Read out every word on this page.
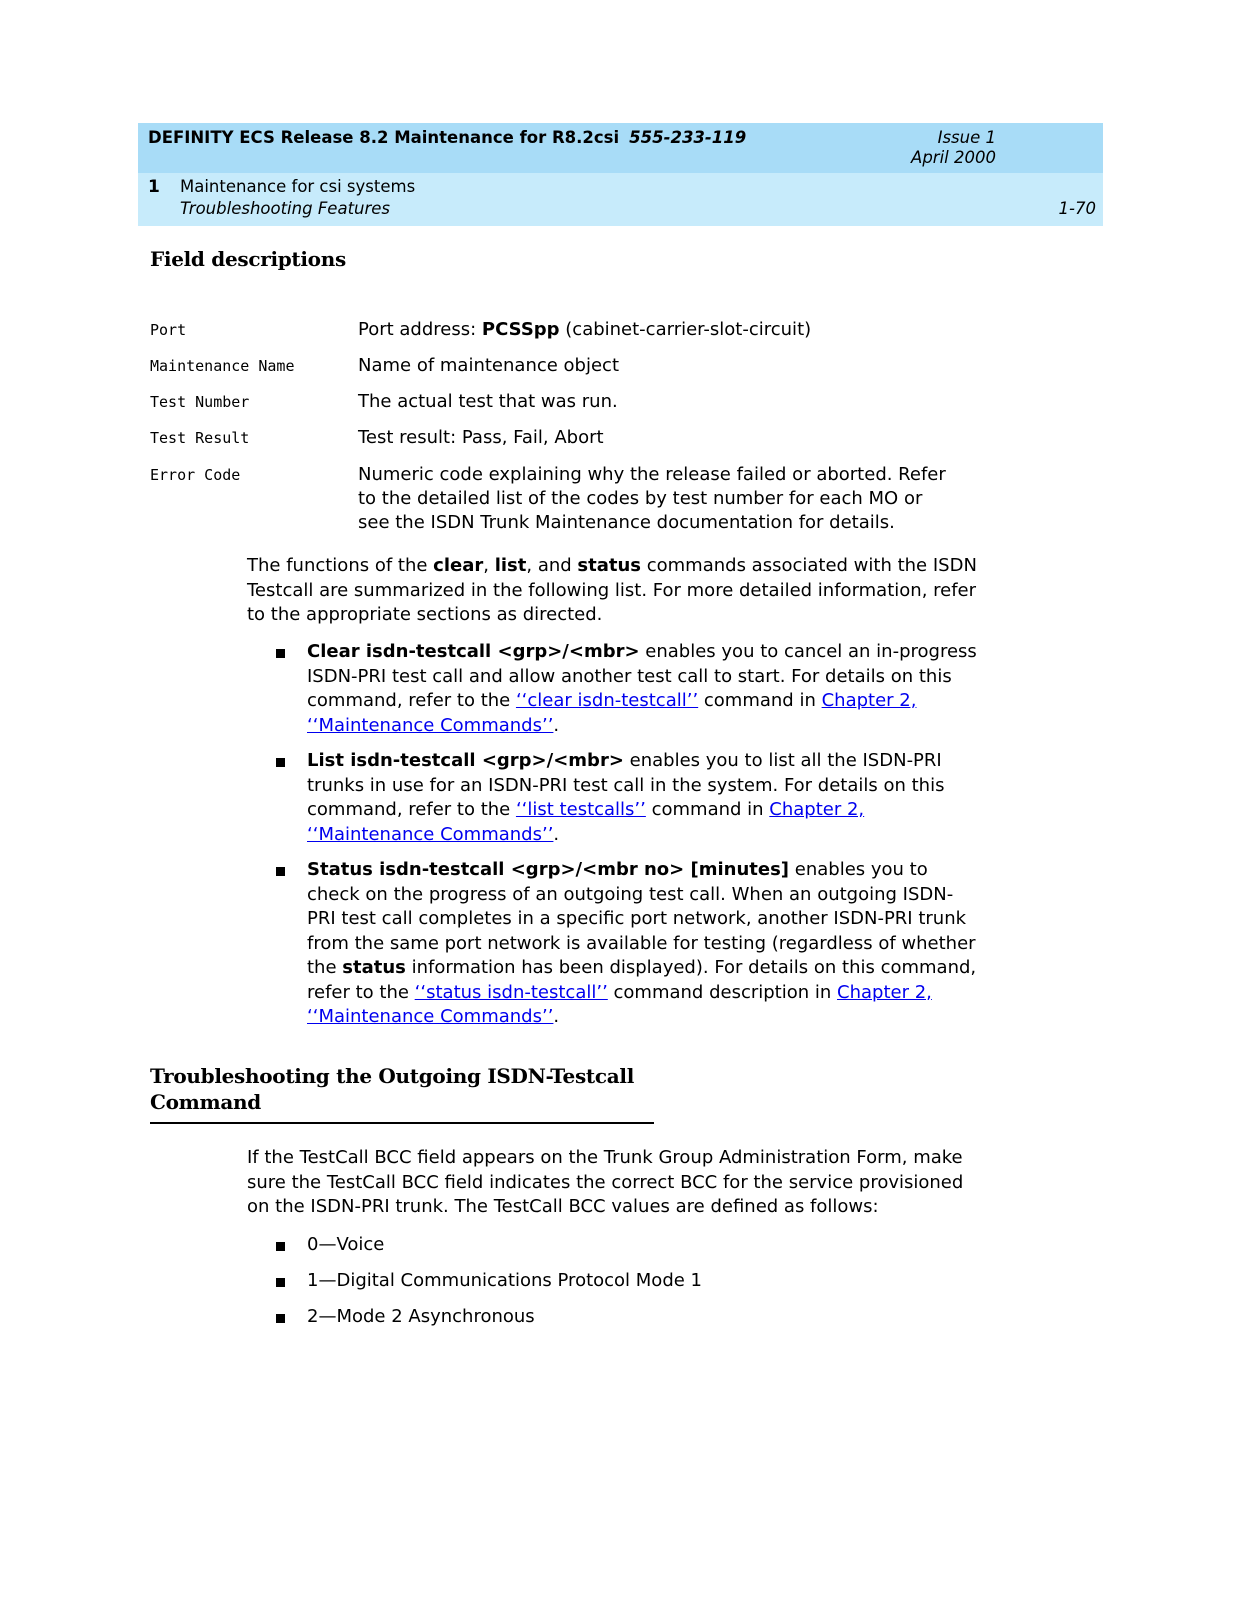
DEFINITY ECS Release 8.2 Maintenance for R8.2csi 555-233-119	Issue 1
April 2000
1 Maintenance for csi systems
Troubleshooting Features	1-70
Field descriptions
Port	Port address: PCSSpp (cabinet-carrier-slot-circuit)
Maintenance Name	Name of maintenance object
Test Number	The actual test that was run.
Test Result	Test result: Pass, Fail, Abort
Error Code	Numeric code explaining why the release failed or aborted. Refer to the detailed list of the codes by test number for each MO or see the ISDN Trunk Maintenance documentation for details.
The functions of the clear, list, and status commands associated with the ISDN Testcall are summarized in the following list. For more detailed information, refer to the appropriate sections as directed.
Clear isdn-testcall <grp>/<mbr> enables you to cancel an in-progress ISDN-PRI test call and allow another test call to start. For details on this command, refer to the ‘‘clear isdn-testcall’’ command in Chapter 2, ‘‘Maintenance Commands’’.
List isdn-testcall <grp>/<mbr> enables you to list all the ISDN-PRI trunks in use for an ISDN-PRI test call in the system. For details on this command, refer to the ‘‘list testcalls’’ command in Chapter 2, ‘‘Maintenance Commands’’.
Status isdn-testcall <grp>/<mbr no> [minutes] enables you to check on the progress of an outgoing test call. When an outgoing ISDN-PRI test call completes in a specific port network, another ISDN-PRI trunk from the same port network is available for testing (regardless of whether the status information has been displayed). For details on this command, refer to the ‘‘status isdn-testcall’’ command description in Chapter 2, ‘‘Maintenance Commands’’.
Troubleshooting the Outgoing ISDN-Testcall
Command
If the TestCall BCC field appears on the Trunk Group Administration Form, make sure the TestCall BCC field indicates the correct BCC for the service provisioned on the ISDN-PRI trunk. The TestCall BCC values are defined as follows:
0—Voice
1—Digital Communications Protocol Mode 1
2—Mode 2 Asynchronous
